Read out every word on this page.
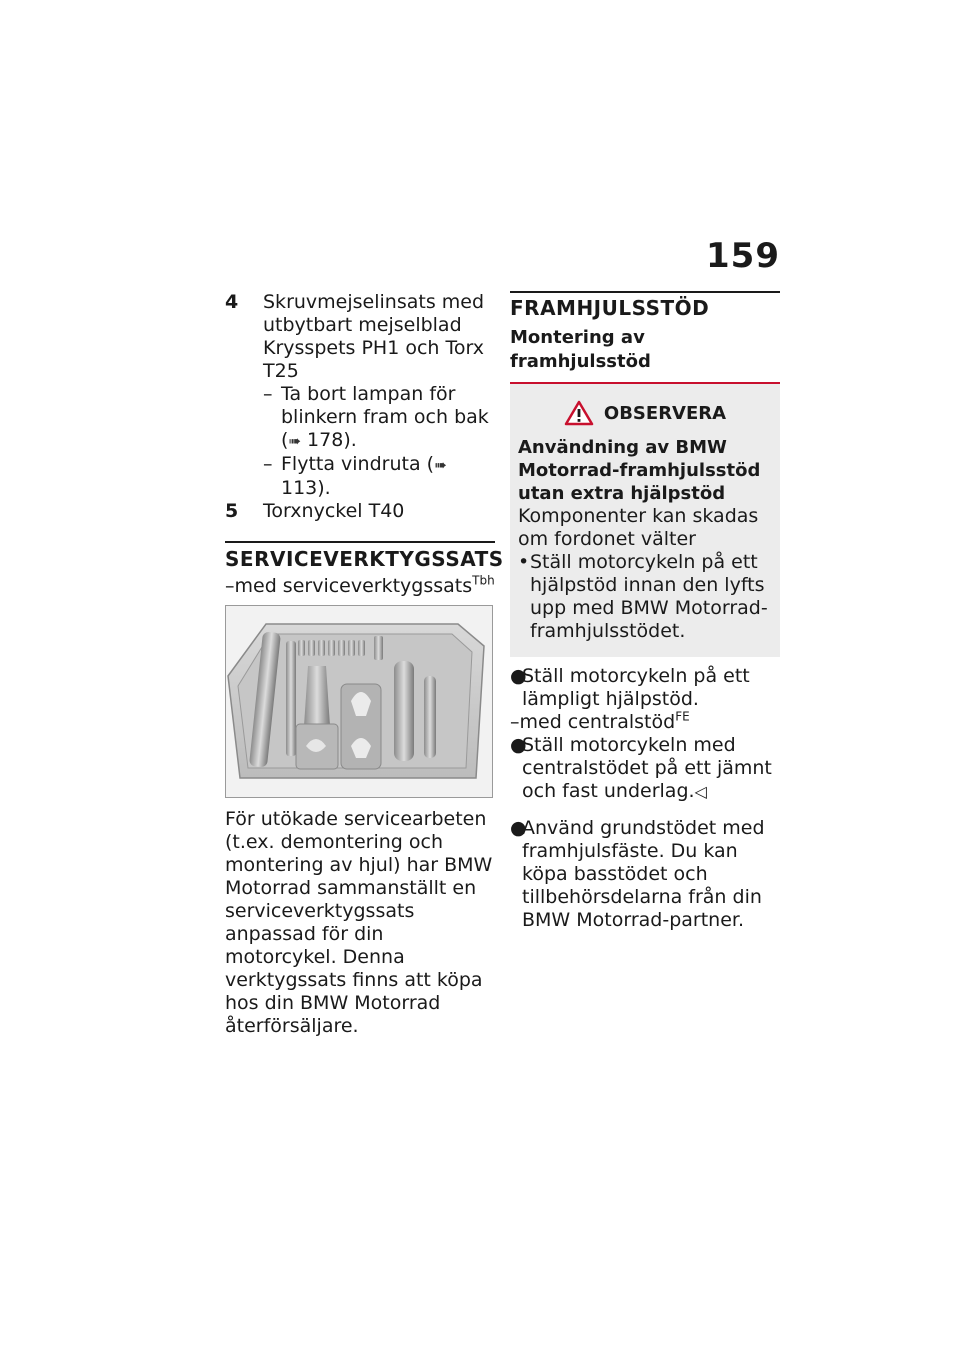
159
4 Skruvmejselinsats med utbytbart mejselblad Krysspets PH1 och Torx T25

– Ta bort lampan för blinkern fram och bak (➠ 178).
– Flytta vindruta (➠ 113).
5 Torxnyckel T40

SERVICEVERKTYGSSATS

–med serviceverktygssats$^{Tbh}$

För utökade servicearbeten (t.ex. demontering och montering av hjul) har BMW Motorrad sammanställt en serviceverktygssats anpassad för din motorcykel. Denna verktygssats finns att köpa hos din BMW Motorrad återförsäljare.

FRAMHJULSSTÖD
Montering av framhjulsstöd
OBSERVERA

Användning av BMW Motorrad-framhjulsstöd utan extra hjälpstöd

Komponenter kan skadas om fordonet välter

• Ställ motorcykeln på ett hjälpstöd innan den lyfts upp med BMW Motorrad-framhjulsstödet.
●
Ställ motorcykeln på ett lämpligt hjälpstöd.

–med centralstöd$^{FE}$

●
Ställ motorcykeln med centralstödet på ett jämnt och fast underlag.◁
●
Använd grundstödet med framhjulsfäste. Du kan köpa basstödet och tillbehörsdelarna från din BMW Motorrad-partner.
